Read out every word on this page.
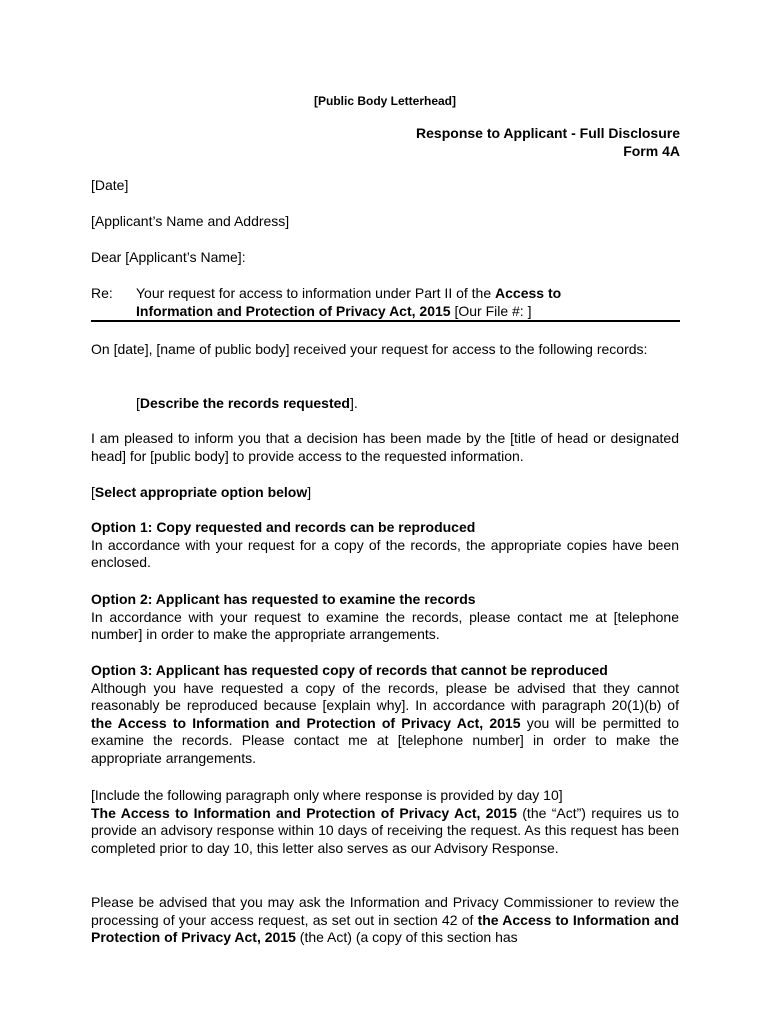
[Public Body Letterhead]
Response to Applicant - Full Disclosure
Form 4A
[Date]
[Applicant’s Name and Address]
Dear [Applicant’s Name]:
Re: Your request for access to information under Part II of the Access to Information and Protection of Privacy Act, 2015 [Our File #: ]
On [date], [name of public body] received your request for access to the following records:
[Describe the records requested].
I am pleased to inform you that a decision has been made by the [title of head or designated head] for [public body] to provide access to the requested information.
[Select appropriate option below]
Option 1: Copy requested and records can be reproduced
In accordance with your request for a copy of the records, the appropriate copies have been enclosed.
Option 2: Applicant has requested to examine the records
In accordance with your request to examine the records, please contact me at [telephone number] in order to make the appropriate arrangements.
Option 3: Applicant has requested copy of records that cannot be reproduced
Although you have requested a copy of the records, please be advised that they cannot reasonably be reproduced because [explain why]. In accordance with paragraph 20(1)(b) of the Access to Information and Protection of Privacy Act, 2015 you will be permitted to examine the records. Please contact me at [telephone number] in order to make the appropriate arrangements.
[Include the following paragraph only where response is provided by day 10]
The Access to Information and Protection of Privacy Act, 2015 (the “Act”) requires us to provide an advisory response within 10 days of receiving the request. As this request has been completed prior to day 10, this letter also serves as our Advisory Response.
Please be advised that you may ask the Information and Privacy Commissioner to review the processing of your access request, as set out in section 42 of the Access to Information and Protection of Privacy Act, 2015 (the Act) (a copy of this section has
